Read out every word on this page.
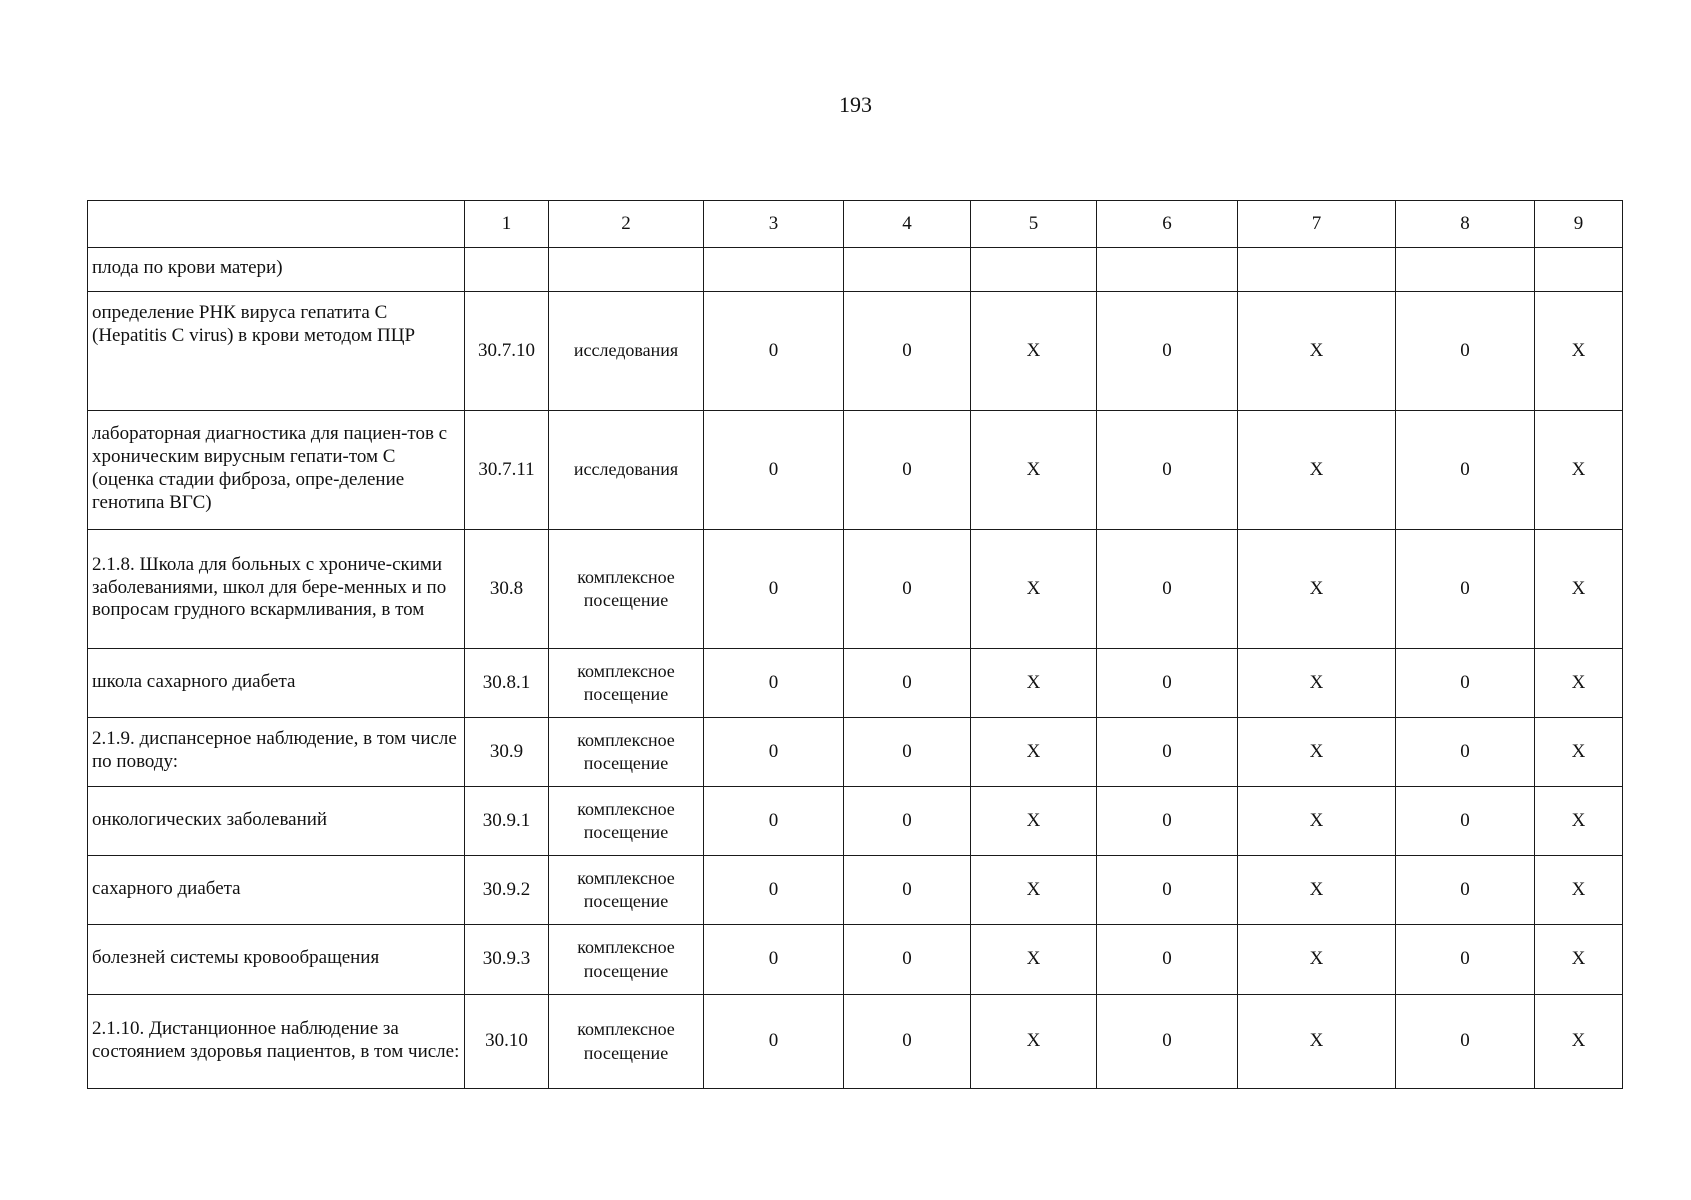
193
	1	2	3	4	5	6	7	8	9
плода по крови матери)									
определение РНК вируса гепатита С (Hepatitis C virus) в крови методом ПЦР	30.7.10	исследования	0	0	X	0	X	0	X
лабораторная диагностика для пациен-тов с хроническим вирусным гепати-том С (оценка стадии фиброза, опре-деление генотипа ВГС)	30.7.11	исследования	0	0	X	0	X	0	X
2.1.8. Школа для больных с хрониче-скими заболеваниями, школ для бере-менных и по вопросам грудного вскармливания, в том	30.8	комплексное посещение	0	0	X	0	X	0	X
школа сахарного диабета	30.8.1	комплексное посещение	0	0	X	0	X	0	X
2.1.9. диспансерное наблюдение, в том числе по поводу:	30.9	комплексное посещение	0	0	X	0	X	0	X
онкологических заболеваний	30.9.1	комплексное посещение	0	0	X	0	X	0	X
сахарного диабета	30.9.2	комплексное посещение	0	0	X	0	X	0	X
болезней системы кровообращения	30.9.3	комплексное посещение	0	0	X	0	X	0	X
2.1.10. Дистанционное наблюдение за состоянием здоровья пациентов, в том числе:	30.10	комплексное посещение	0	0	X	0	X	0	X
